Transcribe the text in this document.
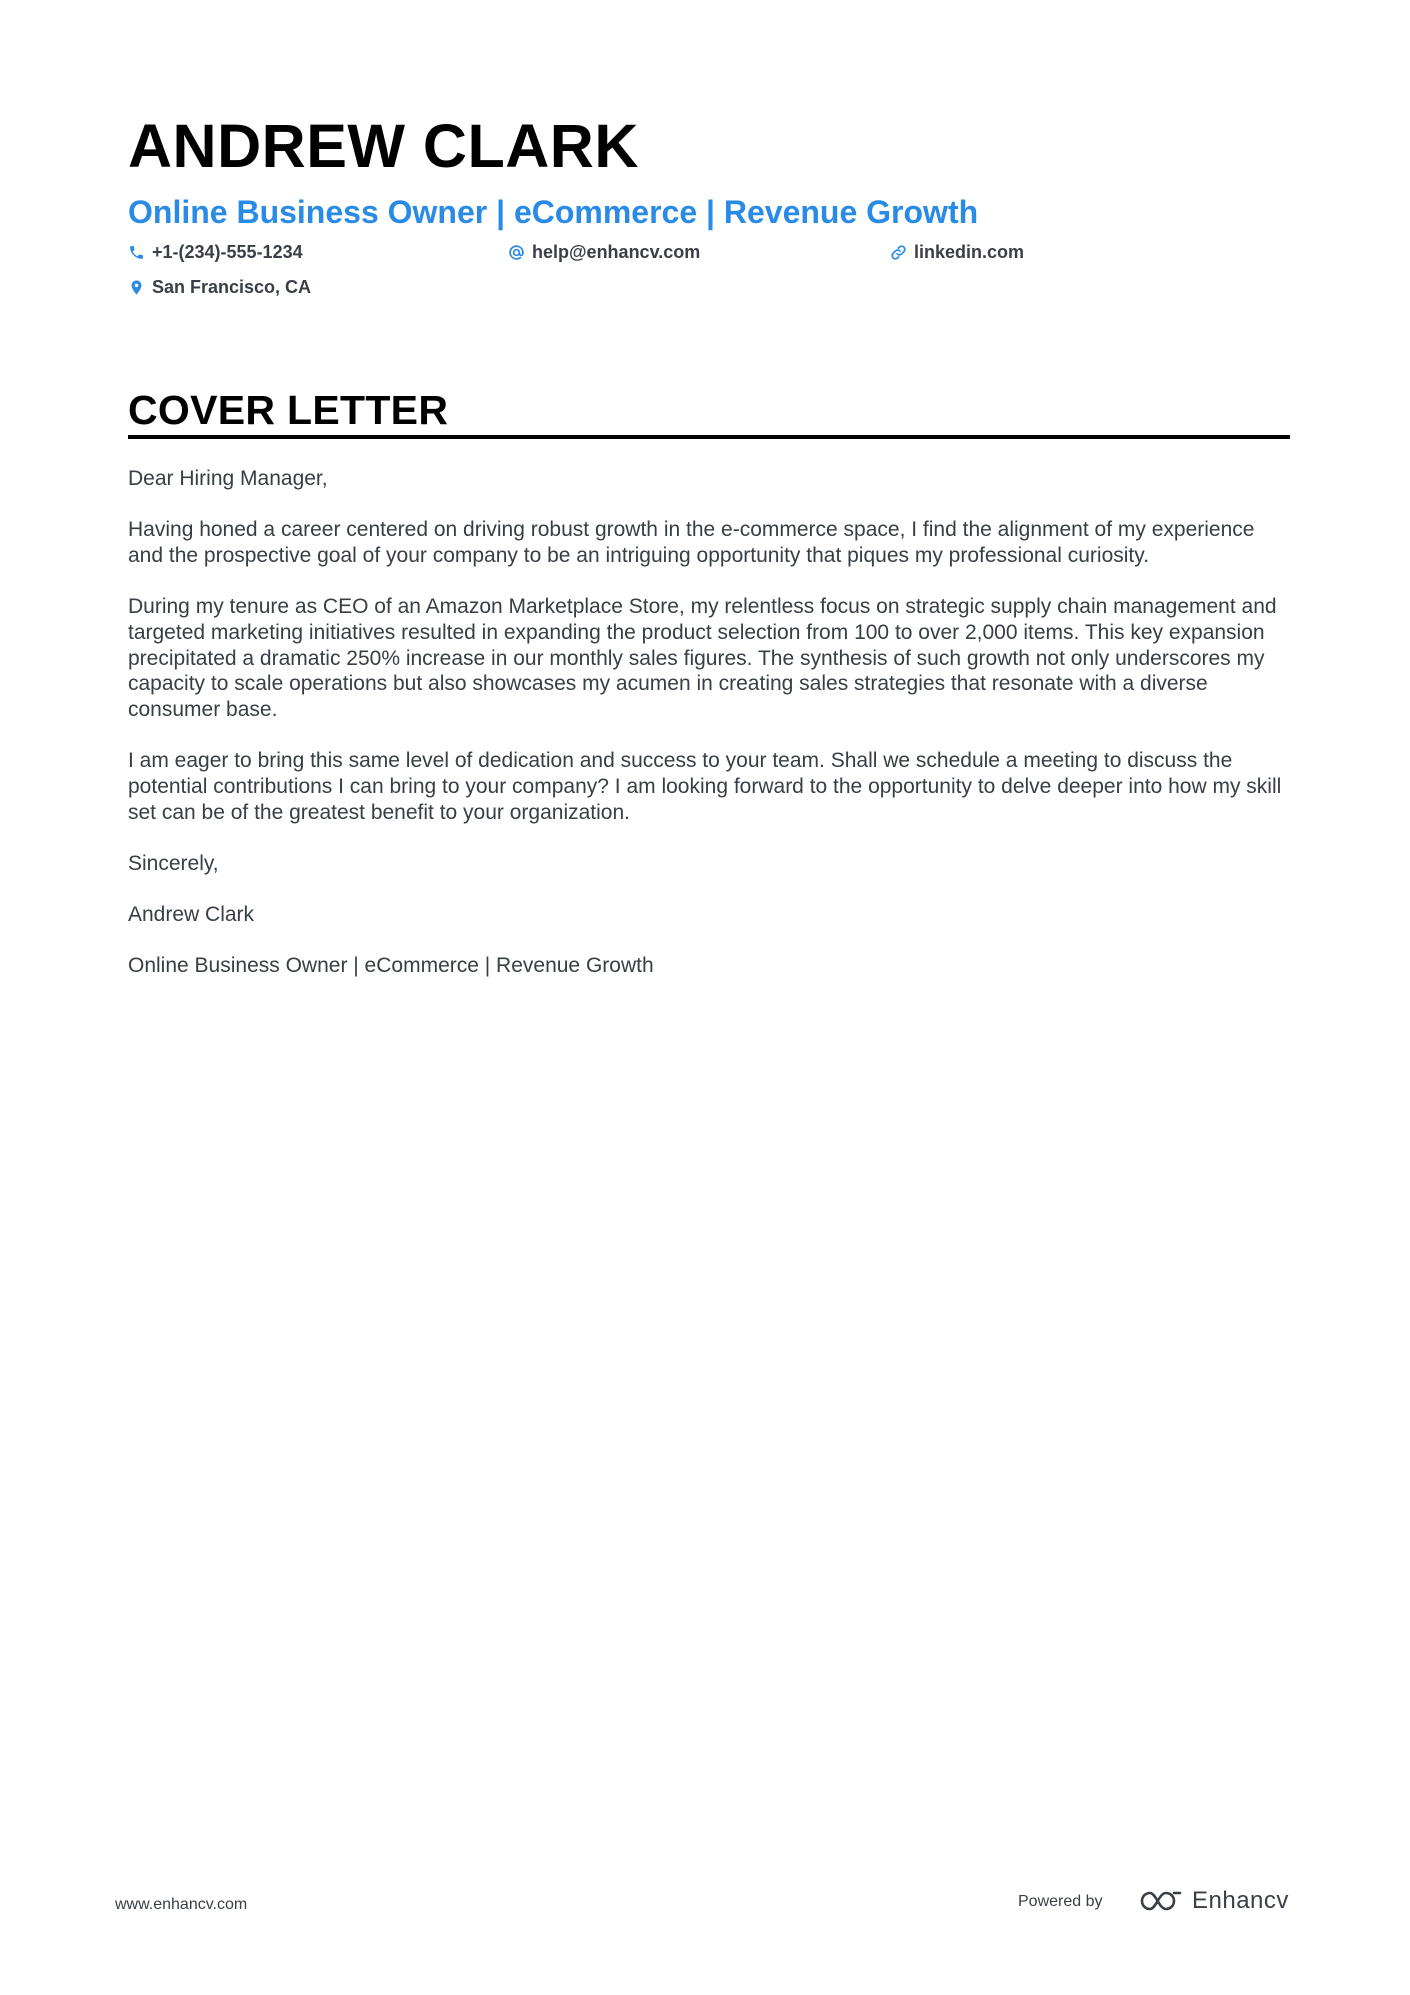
ANDREW CLARK
Online Business Owner | eCommerce | Revenue Growth
+1-(234)-555-1234	help@enhancv.com	linkedin.com
San Francisco, CA
COVER LETTER

Dear Hiring Manager,

Having honed a career centered on driving robust growth in the e-commerce space, I find the alignment of my experience and the prospective goal of your company to be an intriguing opportunity that piques my professional curiosity.

During my tenure as CEO of an Amazon Marketplace Store, my relentless focus on strategic supply chain management and targeted marketing initiatives resulted in expanding the product selection from 100 to over 2,000 items. This key expansion precipitated a dramatic 250% increase in our monthly sales figures. The synthesis of such growth not only underscores my capacity to scale operations but also showcases my acumen in creating sales strategies that resonate with a diverse consumer base.

I am eager to bring this same level of dedication and success to your team. Shall we schedule a meeting to discuss the potential contributions I can bring to your company? I am looking forward to the opportunity to delve deeper into how my skill set can be of the greatest benefit to your organization.

Sincerely,

Andrew Clark

Online Business Owner | eCommerce | Revenue Growth

www.enhancv.com	Powered by	Enhancv
